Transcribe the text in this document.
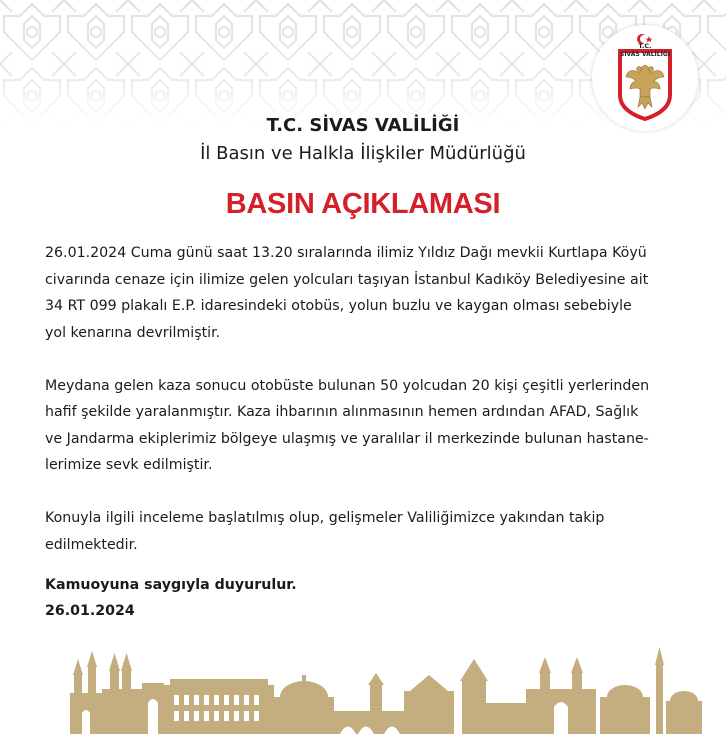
T.C.
SİVAS VALİLİĞİ
T.C. SİVAS VALİLİĞİ
İl Basın ve Halkla İlişkiler Müdürlüğü
BASIN AÇIKLAMASI
26.01.2024 Cuma günü saat 13.20 sıralarında ilimiz Yıldız Dağı mevkii Kurtlapa Köyü
civarında cenaze için ilimize gelen yolcuları taşıyan İstanbul Kadıköy Belediyesine ait
34 RT 099 plakalı E.P. idaresindeki otobüs, yolun buzlu ve kaygan olması sebebiyle
yol kenarına devrilmiştir.
Meydana gelen kaza sonucu otobüste bulunan 50 yolcudan 20 kişi çeşitli yerlerinden
hafif şekilde yaralanmıştır. Kaza ihbarının alınmasının hemen ardından AFAD, Sağlık
ve Jandarma ekiplerimiz bölgeye ulaşmış ve yaralılar il merkezinde bulunan hastane-
lerimize sevk edilmiştir.
Konuyla ilgili inceleme başlatılmış olup, gelişmeler Valiliğimizce yakından takip
edilmektedir.
Kamuoyuna saygıyla duyurulur.
26.01.2024
